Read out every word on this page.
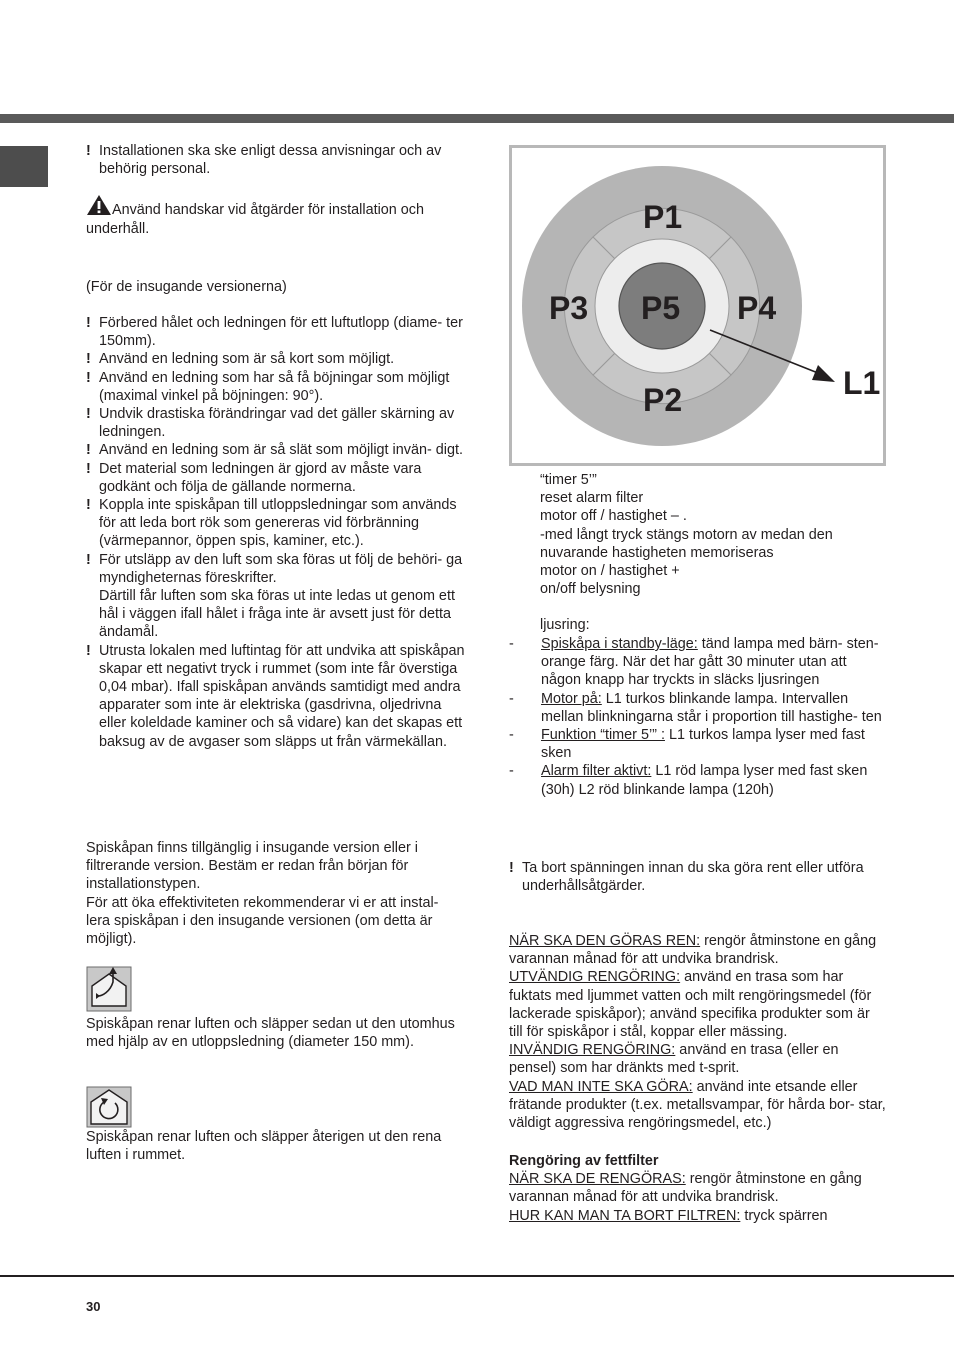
! Installationen ska ske enligt dessa anvisningar och av behörig personal.

Använd handskar vid åtgärder för installation och underhåll.

(För de insugande versionerna)

! Förbered hålet och ledningen för ett luftutlopp (diame- ter 150mm).

! Använd en ledning som är så kort som möjligt.

! Använd en ledning som har så få böjningar som möjligt (maximal vinkel på böjningen: 90°).

! Undvik drastiska förändringar vad det gäller skärning av ledningen.

! Använd en ledning som är så slät som möjligt invän- digt.

! Det material som ledningen är gjord av måste vara godkänt och följa de gällande normerna.

! Koppla inte spiskåpan till utloppsledningar som används för att leda bort rök som genereras vid förbränning (värmepannor, öppen spis, kaminer, etc.).

! För utsläpp av den luft som ska föras ut följ de behöri- ga myndigheternas föreskrifter.
Därtill får luften som ska föras ut inte ledas ut genom ett hål i väggen ifall hålet i fråga inte är avsett just för detta ändamål.

! Utrusta lokalen med luftintag för att undvika att spiskåpan skapar ett negativt tryck i rummet (som inte får överstiga 0,04 mbar). Ifall spiskåpan används samtidigt med andra apparater som inte är elektriska (gasdrivna, oljedrivna eller koleldade kaminer och så vidare) kan det skapas ett baksug av de avgaser som släpps ut från värmekällan.

Spiskåpan finns tillgänglig i insugande version eller i filtrerande version. Bestäm er redan från början för installationstypen.

För att öka effektiviteten rekommenderar vi er att instal- lera spiskåpan i den insugande versionen (om detta är möjligt).

Spiskåpan renar luften och släpper sedan ut den utomhus med hjälp av en utloppsledning (diameter 150 mm).

Spiskåpan renar luften och släpper återigen ut den rena luften i rummet.

P1
P2
P3	P4
P5
L1

“timer 5’”

reset alarm filter

motor off / hastighet – .

-med långt tryck stängs motorn av medan den nuvarande hastigheten memoriseras

motor on / hastighet +

on/off belysning

ljusring:

- Spiskåpa i standby-läge: tänd lampa med bärn- sten-orange färg. När det har gått 30 minuter utan att någon knapp har tryckts in släcks ljusringen

- Motor på: L1 turkos blinkande lampa. Intervallen mellan blinkningarna står i proportion till hastighe- ten

- Funktion “timer 5’” : L1 turkos lampa lyser med fast sken

- Alarm filter aktivt: L1 röd lampa lyser med fast sken (30h) L2 röd blinkande lampa (120h)

! Ta bort spänningen innan du ska göra rent eller utföra underhållsåtgärder.

NÄR SKA DEN GÖRAS REN: rengör åtminstone en gång varannan månad för att undvika brandrisk.

UTVÄNDIG RENGÖRING: använd en trasa som har fuktats med ljummet vatten och milt rengöringsmedel (för lackerade spiskåpor); använd specifika produkter som är till för spiskåpor i stål, koppar eller mässing.

INVÄNDIG RENGÖRING: använd en trasa (eller en pensel) som har dränkts med t-sprit.

VAD MAN INTE SKA GÖRA: använd inte etsande eller frätande produkter (t.ex. metallsvampar, för hårda bor- star, väldigt aggressiva rengöringsmedel, etc.)

Rengöring av fettfilter

NÄR SKA DE RENGÖRAS: rengör åtminstone en gång varannan månad för att undvika brandrisk.

HUR KAN MAN TA BORT FILTREN: tryck spärren

30
